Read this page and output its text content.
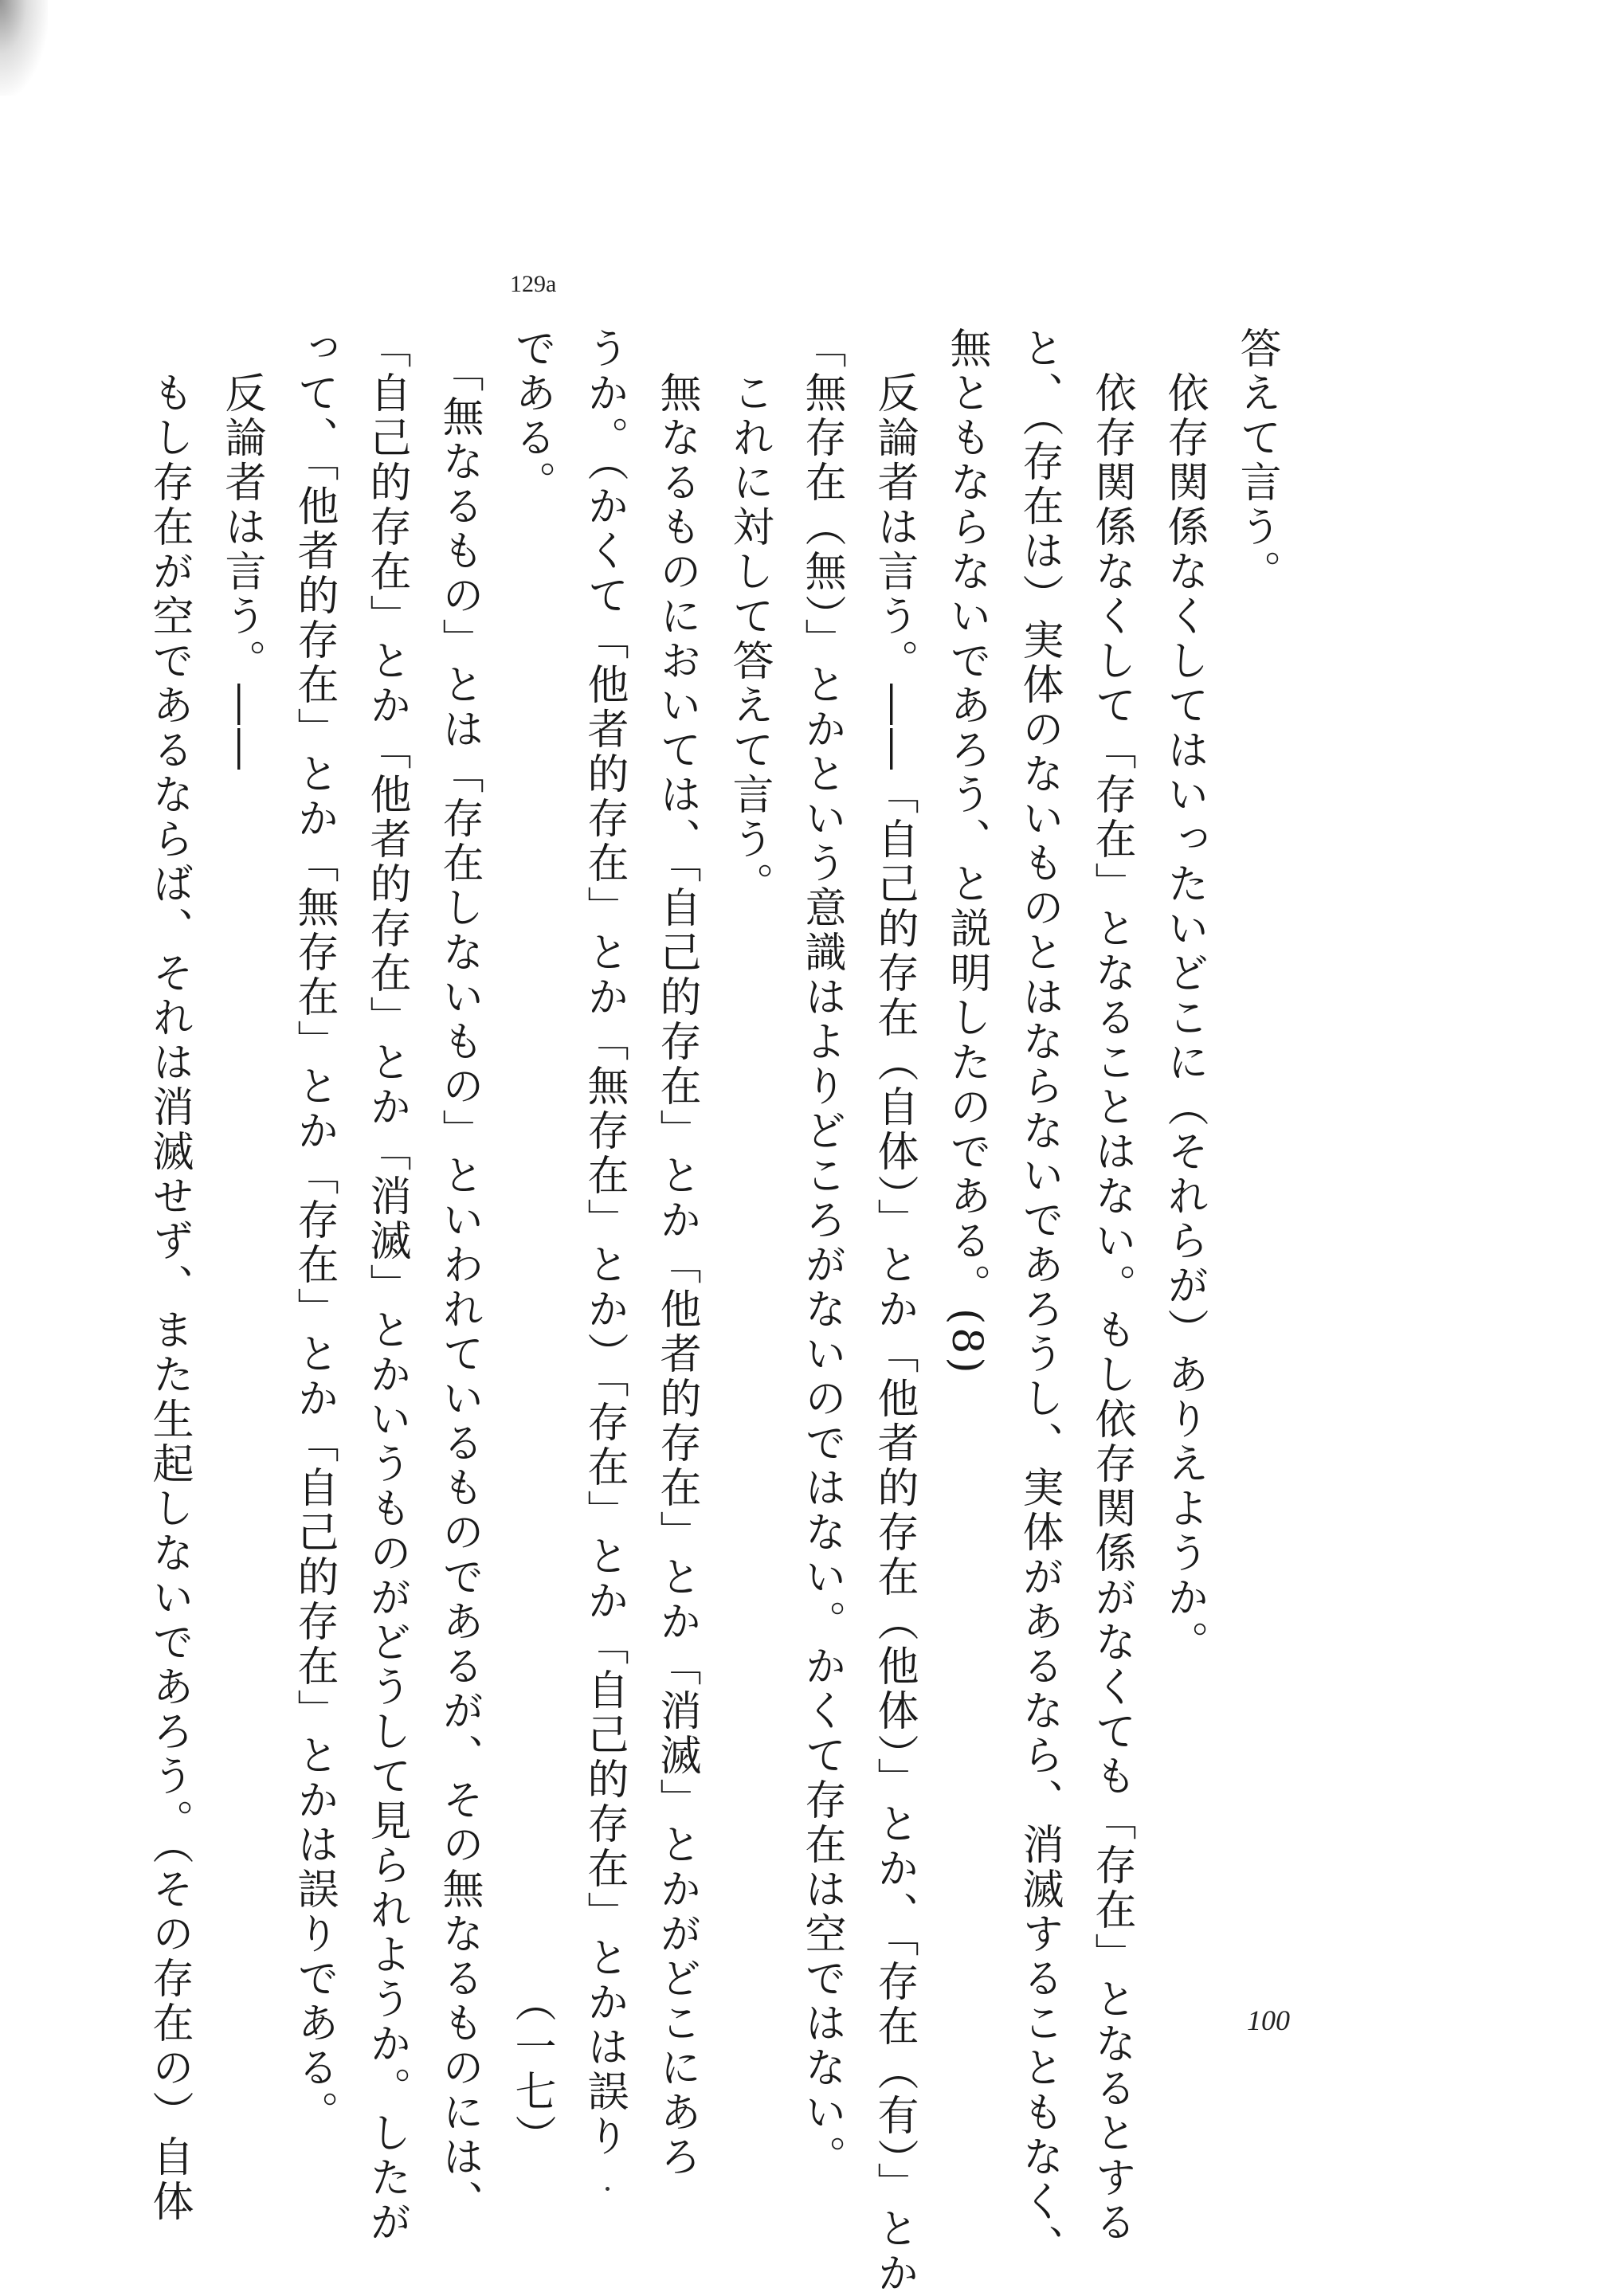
129a
答えて言う。
　依存関係なくしてはいったいどこに（それらが）ありえようか。
　依存関係なくして「存在」となることはない。もし依存関係がなくても「存在」となるとする
と、（存在は）実体のないものとはならないであろうし、実体があるなら、消滅することもなく、
無ともならないであろう、と説明したのである。(8)
　反論者は言う。――「自己的存在（自体）」とか「他者的存在（他体）」とか、「存在（有）」とか
「無存在（無）」とかという意識はよりどころがないのではない。かくて存在は空ではない。
　これに対して答えて言う。
　無なるものにおいては、「自己的存在」とか「他者的存在」とか「消滅」とかがどこにあろ
うか。（かくて「他者的存在」とか「無存在」とか）「存在」とか「自己的存在」とかは誤り
である。　　　　　　　　　　　　　　　　　　　　　　　　　　　　　　　　　　（一七）
　「無なるもの」とは「存在しないもの」といわれているものであるが、その無なるものには、
「自己的存在」とか「他者的存在」とか「消滅」とかいうものがどうして見られようか。したが
って、「他者的存在」とか「無存在」とか「存在」とか「自己的存在」とかは誤りである。
　反論者は言う。――
　もし存在が空であるならば、それは消滅せず、また生起しないであろう。（その存在の）自体	100
